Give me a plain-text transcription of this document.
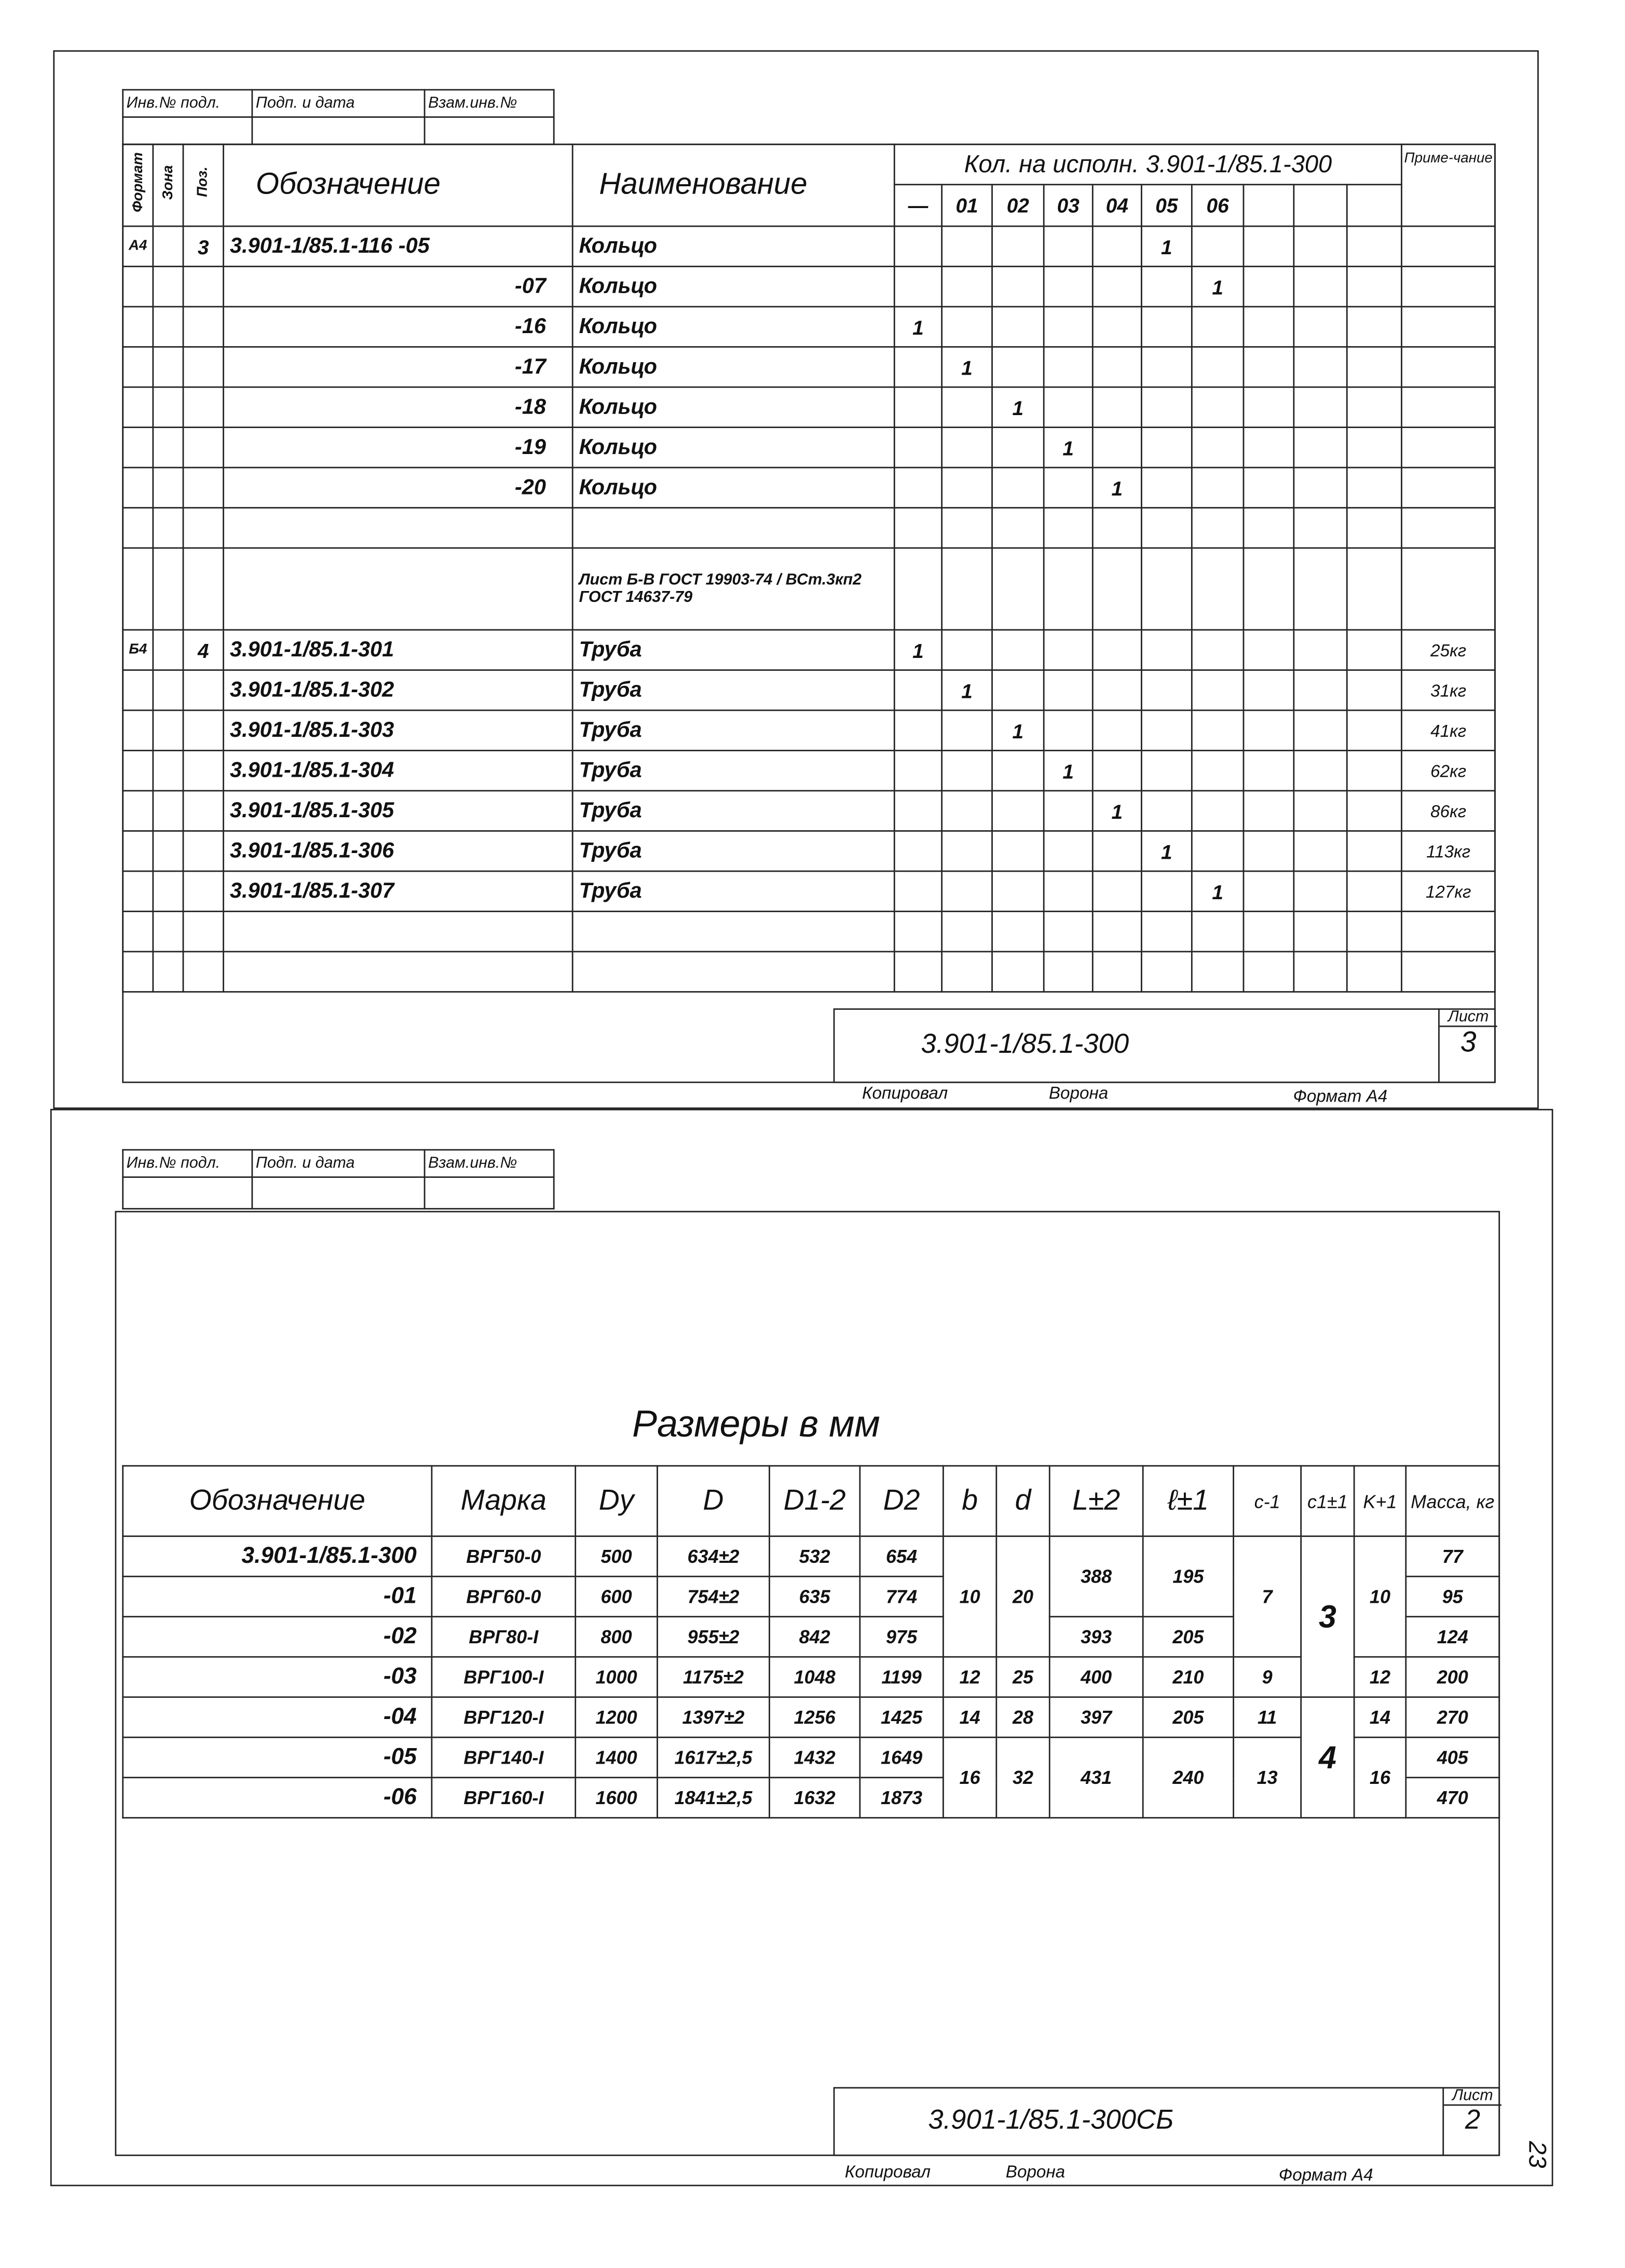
Инв.№ подл.	Подп. и дата	Взам.инв.№

Формат	Зона	Поз.	Обозначение	Наименование	Кол. на исполн. 3.901-1/85.1-300										Приме-чание
					—	01	02	03	04	05	06				
А4		3	3.901-1/85.1-116 -05	Кольцо						1					
			-07	Кольцо							1				
			-16	Кольцо	1										
			-17	Кольцо		1									
			-18	Кольцо			1								
			-19	Кольцо				1							
			-20	Кольцо					1						

				Лист Б-В ГОСТ 19903-74 / ВСт.3кп2 ГОСТ 14637-79											
Б4		4	3.901-1/85.1-301	Труба	1										25кг
			3.901-1/85.1-302	Труба		1									31кг
			3.901-1/85.1-303	Труба			1								41кг
			3.901-1/85.1-304	Труба				1							62кг
			3.901-1/85.1-305	Труба					1						86кг
			3.901-1/85.1-306	Труба						1					113кг
			3.901-1/85.1-307	Труба							1				127кг

3.901-1/85.1-300
Лист
3
Копировал	Ворона	Формат А4
Инв.№ подл.	Подп. и дата	Взам.инв.№

Размеры в мм
Обозначение	Марка	Dу	D	D1-2	D2	b	d	L±2	ℓ±1	c-1	c1±1	K+1	Масса, кг
3.901-1/85.1-300	ВРГ50-0	500	634±2	532	654	10	20	388	195	7	3	10	77
-01	ВРГ60-0	600	754±2	635	774								95
-02	ВРГ80-I	800	955±2	842	975			393	205				124
-03	ВРГ100-I	1000	1175±2	1048	1199	12	25	400	210	9		12	200
-04	ВРГ120-I	1200	1397±2	1256	1425	14	28	397	205	11	4	14	270
-05	ВРГ140-I	1400	1617±2,5	1432	1649	16	32	431	240	13		16	405
-06	ВРГ160-I	1600	1841±2,5	1632	1873								470
3.901-1/85.1-300СБ
Лист
2
Копировал	Ворона	Формат А4
23
